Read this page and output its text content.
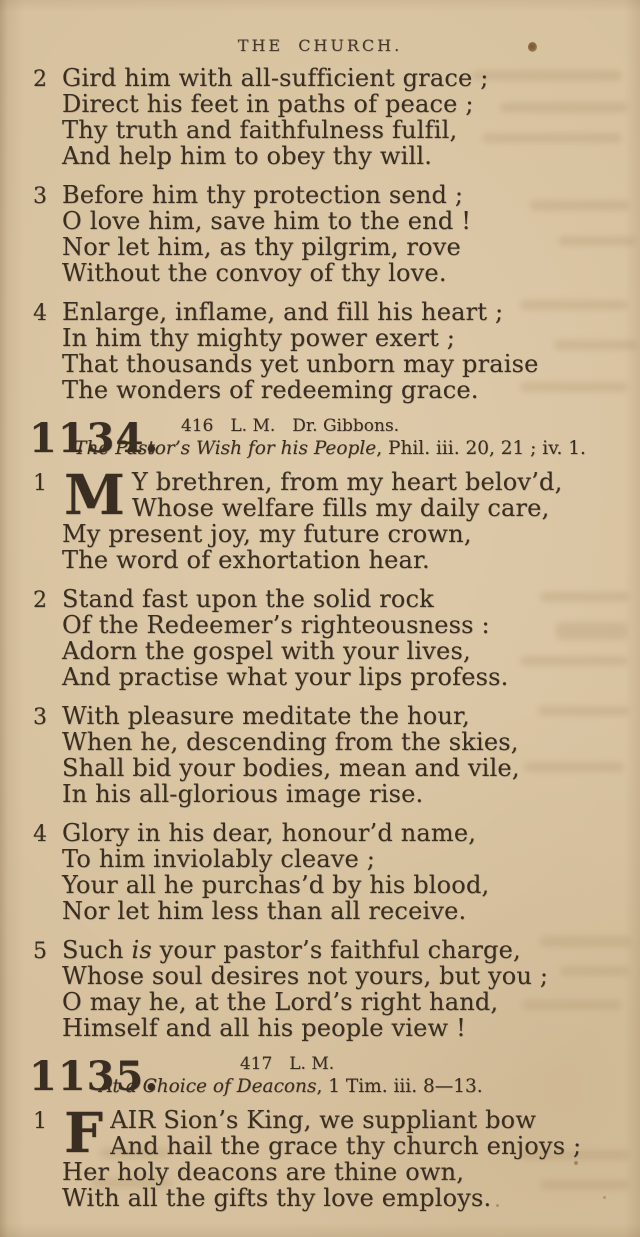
THE CHURCH.
2 Gird him with all-sufficient grace ;
Direct his feet in paths of peace ;
Thy truth and faithfulness fulfil,
And help him to obey thy will.
3 Before him thy protection send ;
O love him, save him to the end !
Nor let him, as thy pilgrim, rove
Without the convoy of thy love.
4 Enlarge, inflame, and fill his heart ;
In him thy mighty power exert ;
That thousands yet unborn may praise
The wonders of redeeming grace.
1134.	416 L. M. Dr. Gibbons.
The Pastor’s Wish for his People, Phil. iii. 20, 21 ; iv. 1.
1 M Y brethren, from my heart belov’d,
Whose welfare fills my daily care,
My present joy, my future crown,
The word of exhortation hear.
2 Stand fast upon the solid rock
Of the Redeemer’s righteousness :
Adorn the gospel with your lives,
And practise what your lips profess.
3 With pleasure meditate the hour,
When he, descending from the skies,
Shall bid your bodies, mean and vile,
In his all-glorious image rise.
4 Glory in his dear, honour’d name,
To him inviolably cleave ;
Your all he purchas’d by his blood,
Nor let him less than all receive.
5 Such is your pastor’s faithful charge,
Whose soul desires not yours, but you ;
O may he, at the Lord’s right hand,
Himself and all his people view !
1135.	417 L. M.
At a Choice of Deacons, 1 Tim. iii. 8—13.
1 F AIR Sion’s King, we suppliant bow
And hail the grace thy church enjoys ;
Her holy deacons are thine own,
With all the gifts thy love employs.
